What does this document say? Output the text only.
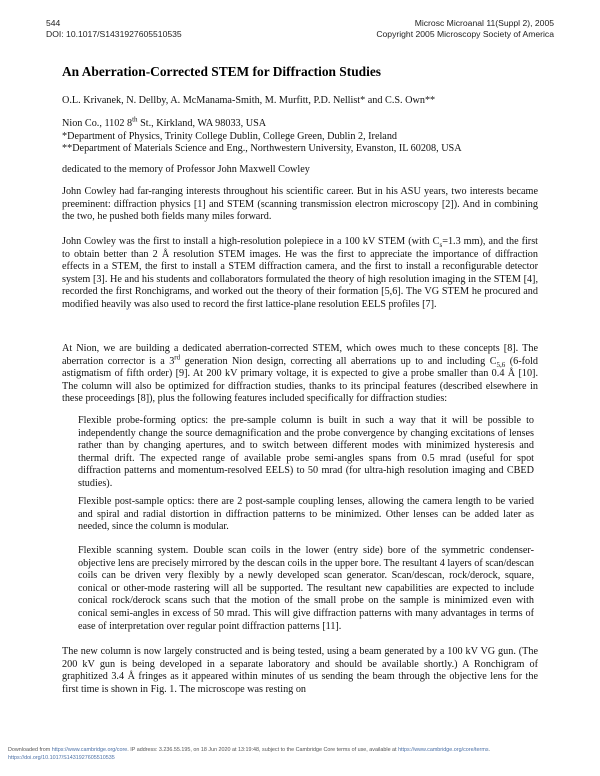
544
DOI: 10.1017/S1431927605510535
Microsc Microanal 11(Suppl 2), 2005
Copyright 2005 Microscopy Society of America
An Aberration-Corrected STEM for Diffraction Studies

O.L. Krivanek, N. Dellby, A. McManama-Smith, M. Murfitt, P.D. Nellist* and C.S. Own**

Nion Co., 1102 8th St., Kirkland, WA 98033, USA

*Department of Physics, Trinity College Dublin, College Green, Dublin 2, Ireland

**Department of Materials Science and Eng., Northwestern University, Evanston, IL 60208, USA

dedicated to the memory of Professor John Maxwell Cowley

John Cowley had far-ranging interests throughout his scientific career. But in his ASU years, two interests became preeminent: diffraction physics [1] and STEM (scanning transmission electron microscopy [2]). And in combining the two, he pushed both fields many miles forward.

John Cowley was the first to install a high-resolution polepiece in a 100 kV STEM (with $C_s=1.3$ mm), and the first to obtain better than 2 Å resolution STEM images. He was the first to appreciate the importance of diffraction effects in a STEM, the first to install a STEM diffraction camera, and the first to install a reconfigurable detector system [3]. He and his students and collaborators formulated the theory of high resolution imaging in the STEM [4], recorded the first Ronchigrams, and worked out the theory of their formation [5,6]. The VG STEM he procured and modified heavily was also used to record the first lattice-plane resolution EELS profiles [7].

At Nion, we are building a dedicated aberration-corrected STEM, which owes much to these concepts [8]. The aberration corrector is a 3rd generation Nion design, correcting all aberrations up to and including $C_{5,6}$ (6-fold astigmatism of fifth order) [9]. At 200 kV primary voltage, it is expected to give a probe smaller than 0.4 Å [10]. The column will also be optimized for diffraction studies, thanks to its principal features (described elsewhere in these proceedings [8]), plus the following features included specifically for diffraction studies:

Flexible probe-forming optics: the pre-sample column is built in such a way that it will be possible to independently change the source demagnification and the probe convergence by changing excitations of lenses rather than by changing apertures, and to switch between different modes with minimized hysteresis and thermal drift. The expected range of available probe semi-angles spans from 0.5 mrad (useful for spot diffraction patterns and momentum-resolved EELS) to 50 mrad (for ultra-high resolution imaging and CBED studies).

Flexible post-sample optics: there are 2 post-sample coupling lenses, allowing the camera length to be varied and spiral and radial distortion in diffraction patterns to be minimized. Other lenses can be added later as needed, since the column is modular.

Flexible scanning system. Double scan coils in the lower (entry side) bore of the symmetric condenser-objective lens are precisely mirrored by the descan coils in the upper bore. The resultant 4 layers of scan/descan coils can be driven very flexibly by a newly developed scan generator. Scan/descan, rock/derock, square, conical or other-mode rastering will all be supported. The resultant new capabilities are expected to include conical rock/derock scans such that the motion of the small probe on the sample is minimized even with conical semi-angles in excess of 50 mrad. This will give diffraction patterns with many advantages in terms of ease of interpretation over regular point diffraction patterns [11].

The new column is now largely constructed and is being tested, using a beam generated by a 100 kV VG gun. (The 200 kV gun is being developed in a separate laboratory and should be available shortly.) A Ronchigram of graphitized 3.4 Å fringes as it appeared within minutes of us sending the beam through the objective lens for the first time is shown in Fig. 1. The microscope was resting on

Downloaded from https://www.cambridge.org/core. IP address: 3.236.55.195, on 18 Jun 2020 at 13:19:48, subject to the Cambridge Core terms of use, available at https://www.cambridge.org/core/terms.
https://doi.org/10.1017/S1431927605510535
